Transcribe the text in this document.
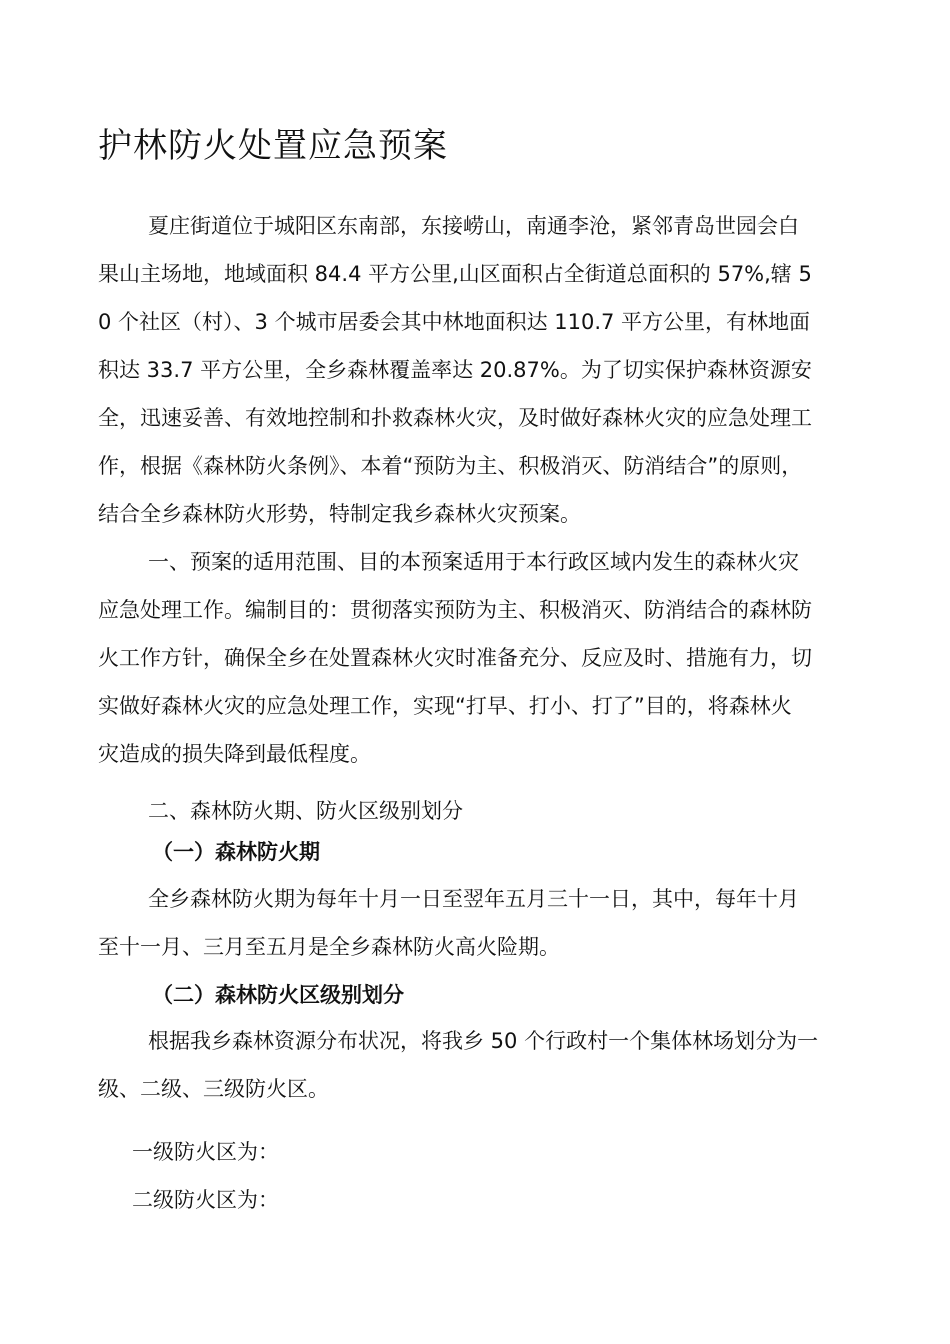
护林防火处置应急预案

夏庄街道位于城阳区东南部，东接崂山，南通李沧，紧邻青岛世园会白

果山主场地，地域面积 84.4 平方公里,山区面积占全街道总面积的 57%,辖 5

0 个社区（村）、3 个城市居委会其中林地面积达 110.7 平方公里，有林地面

积达 33.7 平方公里，全乡森林覆盖率达 20.87%。为了切实保护森林资源安

全，迅速妥善、有效地控制和扑救森林火灾，及时做好森林火灾的应急处理工

作，根据《森林防火条例》、本着“预防为主、积极消灭、防消结合”的原则，

结合全乡森林防火形势，特制定我乡森林火灾预案。

一、预案的适用范围、目的本预案适用于本行政区域内发生的森林火灾

应急处理工作。编制目的：贯彻落实预防为主、积极消灭、防消结合的森林防

火工作方针，确保全乡在处置森林火灾时准备充分、反应及时、措施有力，切

实做好森林火灾的应急处理工作，实现“打早、打小、打了”目的，将森林火

灾造成的损失降到最低程度。

二、森林防火期、防火区级别划分

（一）森林防火期

全乡森林防火期为每年十月一日至翌年五月三十一日，其中，每年十月

至十一月、三月至五月是全乡森林防火高火险期。

（二）森林防火区级别划分

根据我乡森林资源分布状况，将我乡 50 个行政村一个集体林场划分为一

级、二级、三级防火区。

一级防火区为：

二级防火区为：
